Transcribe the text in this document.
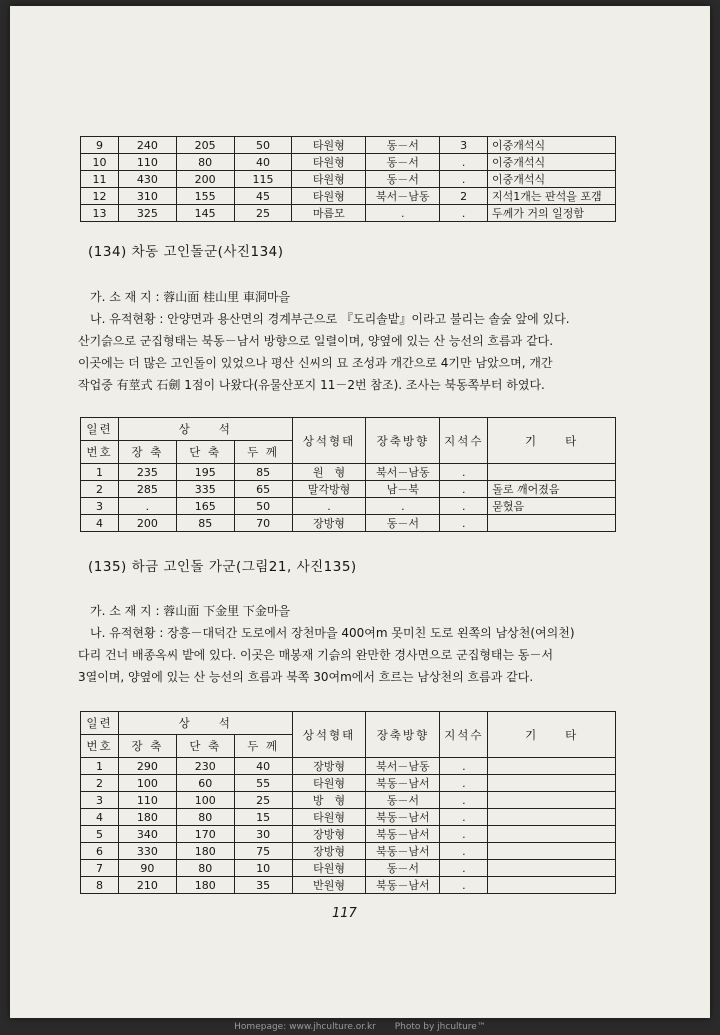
9	240	205	50	타원형	동－서	3	이중개석식
10	110	80	40	타원형	동－서	.	이중개석식
11	430	200	115	타원형	동－서	.	이중개석식
12	310	155	45	타원형	북서－남동	2	지석1개는 판석을 포갬
13	325	145	25	마름모	.	.	두께가 거의 일정함
(134) 차동 고인돌군(사진134)

가. 소 재 지 : 蓉山面 桂山里 車洞마을

나. 유적현황 : 안양면과 용산면의 경계부근으로 『도리솔밭』이라고 불리는 솔숲 앞에 있다.

산기슭으로 군집형태는 북동－남서 방향으로 일렬이며, 양옆에 있는 산 능선의 흐름과 같다.

이곳에는 더 많은 고인돌이 있었으나 평산 신씨의 묘 조성과 개간으로 4기만 남았으며, 개간

작업중 有莖式 石劍 1점이 나왔다(유물산포지 11－2번 참조). 조사는 북동쪽부터 하였다.

일련	상　　석			상석형태	장축방향	지석수	기　　타
번호	장 축	단 축	두 께				
1	235	195	85	원　형	북서－남동	.	
2	285	335	65	말각방형	남－북	.	돌로 깨어졌음
3	.	165	50	.	.	.	묻혔음
4	200	85	70	장방형	동－서	.	
(135) 하금 고인돌 가군(그림21, 사진135)

가. 소 재 지 : 蓉山面 下金里 下金마을

나. 유적현황 : 장흥－대덕간 도로에서 장천마을 400여m 못미친 도로 왼쪽의 남상천(여의천)

다리 건너 배종옥씨 밭에 있다. 이곳은 매봉재 기슭의 완만한 경사면으로 군집형태는 동－서

3열이며, 양옆에 있는 산 능선의 흐름과 북쪽 30여m에서 흐르는 남상천의 흐름과 같다.

일련	상　　석			상석형태	장축방향	지석수	기　　타
번호	장 축	단 축	두 께				
1	290	230	40	장방형	북서－남동	.	
2	100	60	55	타원형	북동－남서	.	
3	110	100	25	방　형	동－서	.	
4	180	80	15	타원형	북동－남서	.	
5	340	170	30	장방형	북동－남서	.	
6	330	180	75	장방형	북동－남서	.	
7	90	80	10	타원형	동－서	.	
8	210	180	35	반원형	북동－남서	.	
117
Homepage: www.jhculture.or.kr Photo by jhculture™
